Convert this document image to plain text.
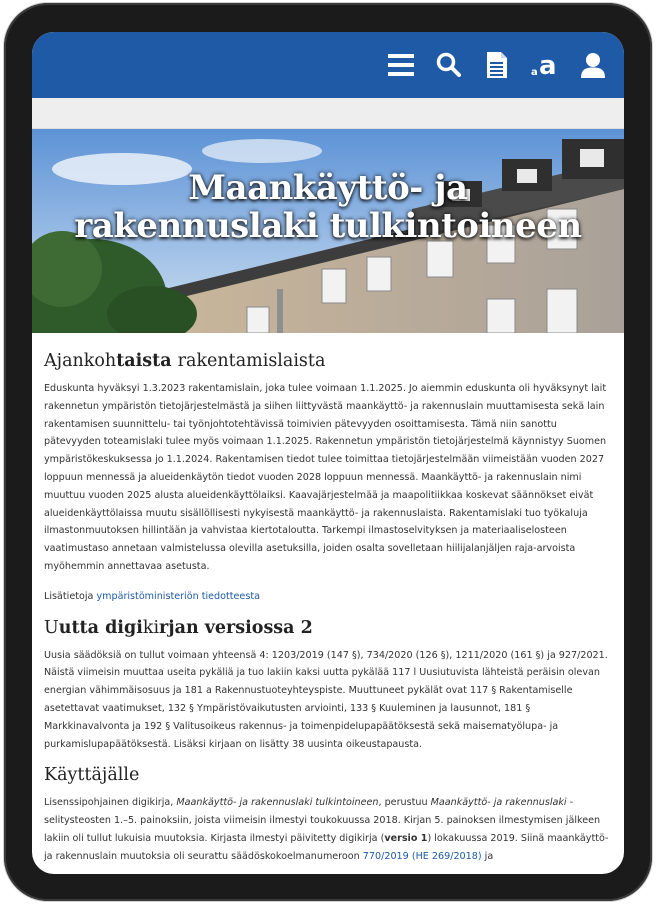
a a
Maankäyttö- ja
rakennuslaki tulkintoineen
Ajankohtaista rakentamislaista

Eduskunta hyväksyi 1.3.2023 rakentamislain, joka tulee voimaan 1.1.2025. Jo aiemmin eduskunta oli hyväksynyt lait rakennetun ympäristön tietojärjestelmästä ja siihen liittyvästä maankäyttö- ja rakennuslain muuttamisesta sekä lain rakentamisen suunnittelu- tai työnjohtotehtävissä toimivien pätevyyden osoittamisesta. Tämä niin sanottu pätevyyden toteamislaki tulee myös voimaan 1.1.2025. Rakennetun ympäristön tietojärjestelmä käynnistyy Suomen ympäristökeskuksessa jo 1.1.2024. Rakentamisen tiedot tulee toimittaa tietojärjestelmään viimeistään vuoden 2027 loppuun mennessä ja alueidenkäytön tiedot vuoden 2028 loppuun mennessä. Maankäyttö- ja rakennuslain nimi muuttuu vuoden 2025 alusta alueidenkäyttölaiksi. Kaavajärjestelmää ja maapolitiikkaa koskevat säännökset eivät alueidenkäyttölaissa muutu sisällöllisesti nykyisestä maankäyttö- ja rakennuslaista. Rakentamislaki tuo työkaluja ilmastonmuutoksen hillintään ja vahvistaa kiertotaloutta. Tarkempi ilmastoselvityksen ja materiaaliselosteen vaatimustaso annetaan valmistelussa olevilla asetuksilla, joiden osalta sovelletaan hiilijalanjäljen raja-arvoista myöhemmin annettavaa asetusta.

Lisätietoja ympäristöministeriön tiedotteesta

Uutta digikirjan versiossa 2

Uusia säädöksiä on tullut voimaan yhteensä 4: 1203/2019 (147 §), 734/2020 (126 §), 1211/2020 (161 §) ja 927/2021. Näistä viimeisin muuttaa useita pykäliä ja tuo lakiin kaksi uutta pykälää 117 l Uusiutuvista lähteistä peräisin olevan energian vähimmäisosuus ja 181 a Rakennustuoteyhteyspiste. Muuttuneet pykälät ovat 117 § Rakentamiselle asetettavat vaatimukset, 132 § Ympäristövaikutusten arviointi, 133 § Kuuleminen ja lausunnot, 181 § Markkinavalvonta ja 192 § Valitusoikeus rakennus- ja toimenpidelupapäätöksestä sekä maisematyölupa- ja purkamislupapäätöksestä. Lisäksi kirjaan on lisätty 38 uusinta oikeustapausta.

Käyttäjälle

Lisenssipohjainen digikirja, Maankäyttö- ja rakennuslaki tulkintoineen, perustuu Maankäyttö- ja rakennuslaki -selitysteosten 1.–5. painoksiin, joista viimeisin ilmestyi toukokuussa 2018. Kirjan 5. painoksen ilmestymisen jälkeen lakiin oli tullut lukuisia muutoksia. Kirjasta ilmestyi päivitetty digikirja (versio 1) lokakuussa 2019. Siinä maankäyttö- ja rakennuslain muutoksia oli seurattu säädöskokoelmanumeroon 770/2019 (HE 269/2018) ja
